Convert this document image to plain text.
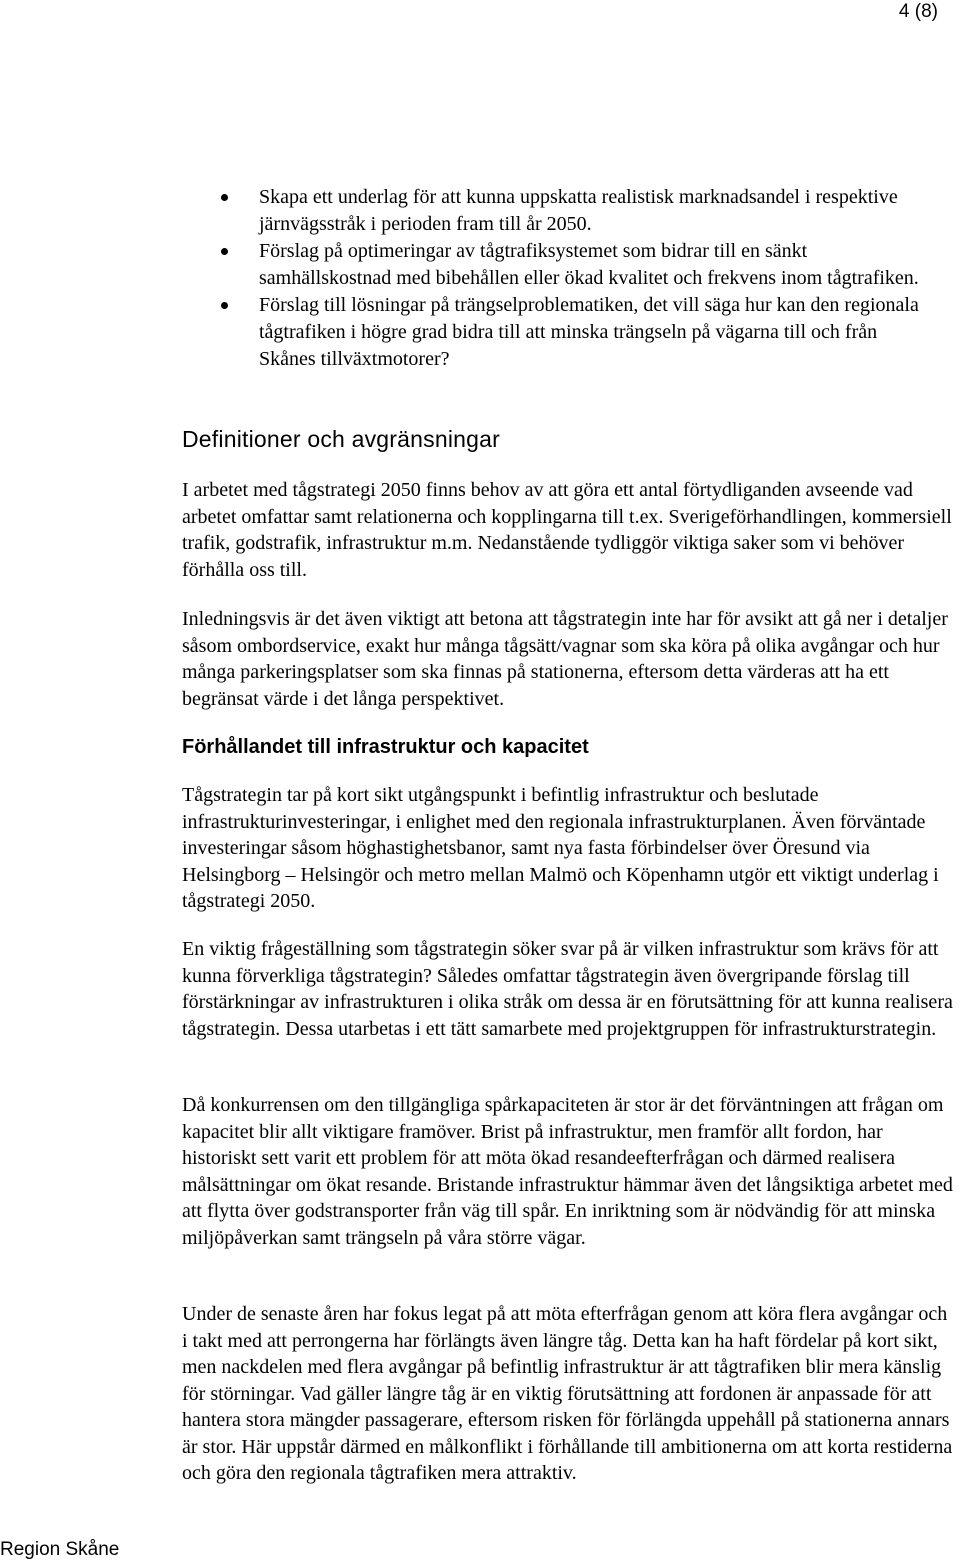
4 (8)
Skapa ett underlag för att kunna uppskatta realistisk marknadsandel i respektive järnvägsstråk i perioden fram till år 2050.
Förslag på optimeringar av tågtrafiksystemet som bidrar till en sänkt samhällskostnad med bibehållen eller ökad kvalitet och frekvens inom tågtrafiken.
Förslag till lösningar på trängselproblematiken, det vill säga hur kan den regionala tågtrafiken i högre grad bidra till att minska trängseln på vägarna till och från Skånes tillväxtmotorer?
Definitioner och avgränsningar

I arbetet med tågstrategi 2050 finns behov av att göra ett antal förtydliganden avseende vad arbetet omfattar samt relationerna och kopplingarna till t.ex. Sverigeförhandlingen, kommersiell trafik, godstrafik, infrastruktur m.m. Nedanstående tydliggör viktiga saker som vi behöver förhålla oss till.

Inledningsvis är det även viktigt att betona att tågstrategin inte har för avsikt att gå ner i detaljer såsom ombordservice, exakt hur många tågsätt/vagnar som ska köra på olika avgångar och hur många parkeringsplatser som ska finnas på stationerna, eftersom detta värderas att ha ett begränsat värde i det långa perspektivet.

Förhållandet till infrastruktur och kapacitet

Tågstrategin tar på kort sikt utgångspunkt i befintlig infrastruktur och beslutade infrastrukturinvesteringar, i enlighet med den regionala infrastrukturplanen. Även förväntade investeringar såsom höghastighetsbanor, samt nya fasta förbindelser över Öresund via Helsingborg – Helsingör och metro mellan Malmö och Köpenhamn utgör ett viktigt underlag i tågstrategi 2050.

En viktig frågeställning som tågstrategin söker svar på är vilken infrastruktur som krävs för att kunna förverkliga tågstrategin? Således omfattar tågstrategin även övergripande förslag till förstärkningar av infrastrukturen i olika stråk om dessa är en förutsättning för att kunna realisera tågstrategin. Dessa utarbetas i ett tätt samarbete med projektgruppen för infrastrukturstrategin.

Då konkurrensen om den tillgängliga spårkapaciteten är stor är det förväntningen att frågan om kapacitet blir allt viktigare framöver. Brist på infrastruktur, men framför allt fordon, har historiskt sett varit ett problem för att möta ökad resandeefterfrågan och därmed realisera målsättningar om ökat resande. Bristande infrastruktur hämmar även det långsiktiga arbetet med att flytta över godstransporter från väg till spår. En inriktning som är nödvändig för att minska miljöpåverkan samt trängseln på våra större vägar.

Under de senaste åren har fokus legat på att möta efterfrågan genom att köra flera avgångar och i takt med att perrongerna har förlängts även längre tåg. Detta kan ha haft fördelar på kort sikt, men nackdelen med flera avgångar på befintlig infrastruktur är att tågtrafiken blir mera känslig för störningar. Vad gäller längre tåg är en viktig förutsättning att fordonen är anpassade för att hantera stora mängder passagerare, eftersom risken för förlängda uppehåll på stationerna annars är stor. Här uppstår därmed en målkonflikt i förhållande till ambitionerna om att korta restiderna och göra den regionala tågtrafiken mera attraktiv.

Region Skåne
